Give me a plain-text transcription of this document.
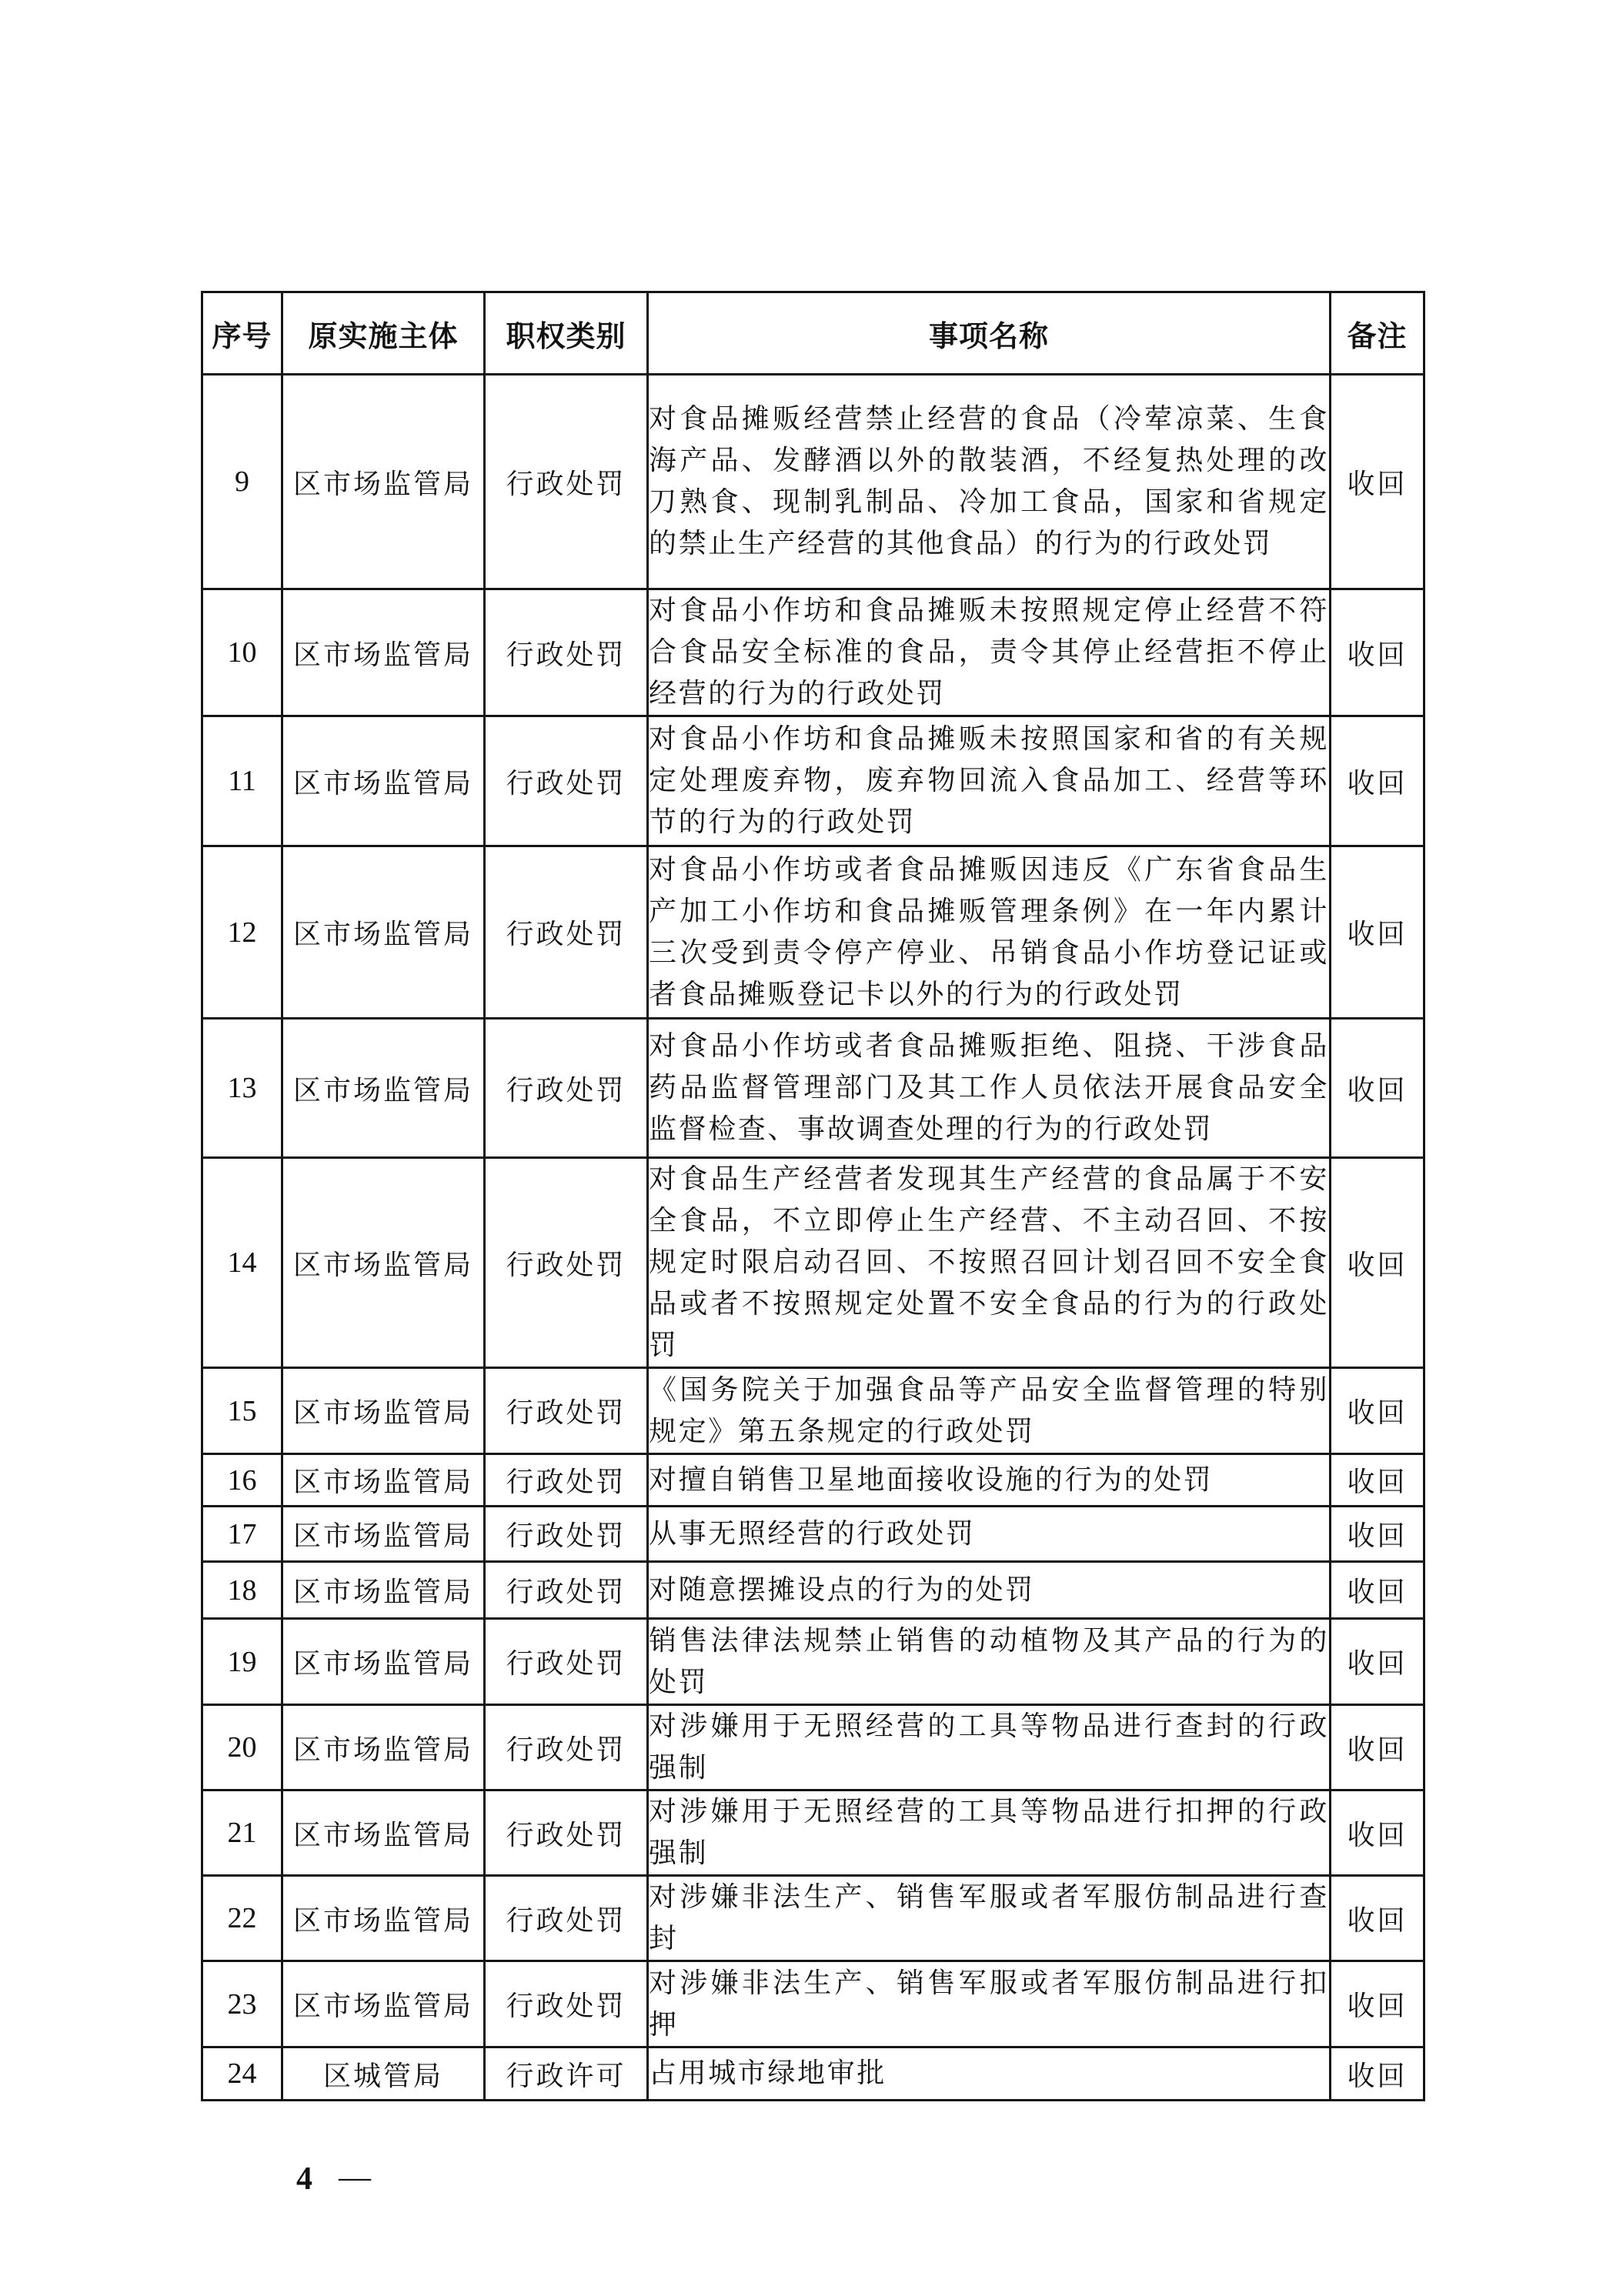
序号	原实施主体	职权类别	事项名称	备注
9	区市场监管局	行政处罚	对食品摊贩经营禁止经营的食品（冷荤凉菜、生食海产品、发酵酒以外的散装酒，不经复热处理的改刀熟食、现制乳制品、冷加工食品，国家和省规定的禁止生产经营的其他食品）的行为的行政处罚	收回
10	区市场监管局	行政处罚	对食品小作坊和食品摊贩未按照规定停止经营不符合食品安全标准的食品，责令其停止经营拒不停止经营的行为的行政处罚	收回
11	区市场监管局	行政处罚	对食品小作坊和食品摊贩未按照国家和省的有关规定处理废弃物，废弃物回流入食品加工、经营等环节的行为的行政处罚	收回
12	区市场监管局	行政处罚	对食品小作坊或者食品摊贩因违反《广东省食品生产加工小作坊和食品摊贩管理条例》在一年内累计三次受到责令停产停业、吊销食品小作坊登记证或者食品摊贩登记卡以外的行为的行政处罚	收回
13	区市场监管局	行政处罚	对食品小作坊或者食品摊贩拒绝、阻挠、干涉食品药品监督管理部门及其工作人员依法开展食品安全监督检查、事故调查处理的行为的行政处罚	收回
14	区市场监管局	行政处罚	对食品生产经营者发现其生产经营的食品属于不安全食品，不立即停止生产经营、不主动召回、不按规定时限启动召回、不按照召回计划召回不安全食品或者不按照规定处置不安全食品的行为的行政处罚	收回
15	区市场监管局	行政处罚	《国务院关于加强食品等产品安全监督管理的特别规定》第五条规定的行政处罚	收回
16	区市场监管局	行政处罚	对擅自销售卫星地面接收设施的行为的处罚	收回
17	区市场监管局	行政处罚	从事无照经营的行政处罚	收回
18	区市场监管局	行政处罚	对随意摆摊设点的行为的处罚	收回
19	区市场监管局	行政处罚	销售法律法规禁止销售的动植物及其产品的行为的处罚	收回
20	区市场监管局	行政处罚	对涉嫌用于无照经营的工具等物品进行查封的行政强制	收回
21	区市场监管局	行政处罚	对涉嫌用于无照经营的工具等物品进行扣押的行政强制	收回
22	区市场监管局	行政处罚	对涉嫌非法生产、销售军服或者军服仿制品进行查封	收回
23	区市场监管局	行政处罚	对涉嫌非法生产、销售军服或者军服仿制品进行扣押	收回
24	区城管局	行政许可	占用城市绿地审批	收回
4 —
